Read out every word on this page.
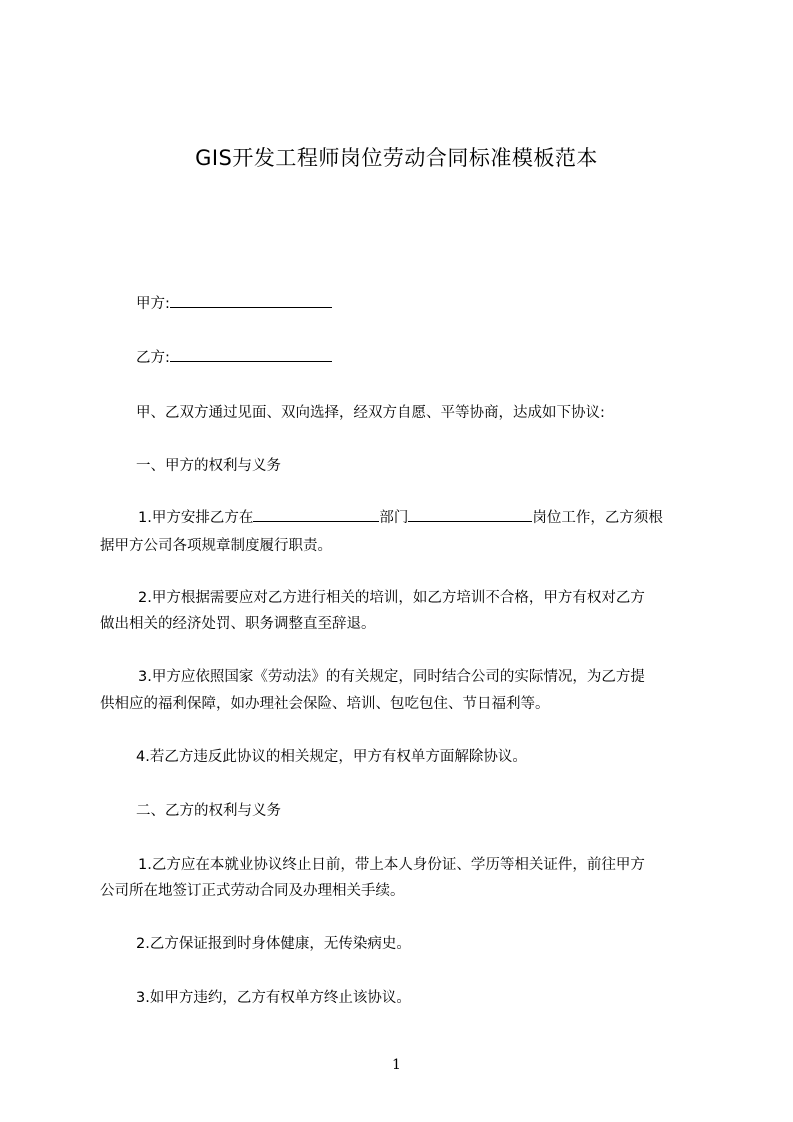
GIS开发工程师岗位劳动合同标准模板范本
甲方:
乙方:
甲、乙双方通过见面、双向选择，经双方自愿、平等协商，达成如下协议:
一、甲方的权利与义务
1.甲方安排乙方在	部门	岗位工作，乙方须根
据甲方公司各项规章制度履行职责。
2.甲方根据需要应对乙方进行相关的培训，如乙方培训不合格，甲方有权对乙方
做出相关的经济处罚、职务调整直至辞退。
3.甲方应依照国家《劳动法》的有关规定，同时结合公司的实际情况，为乙方提
供相应的福利保障，如办理社会保险、培训、包吃包住、节日福利等。
4.若乙方违反此协议的相关规定，甲方有权单方面解除协议。
二、乙方的权利与义务
1.乙方应在本就业协议终止日前，带上本人身份证、学历等相关证件，前往甲方
公司所在地签订正式劳动合同及办理相关手续。
2.乙方保证报到时身体健康，无传染病史。
3.如甲方违约，乙方有权单方终止该协议。
1
